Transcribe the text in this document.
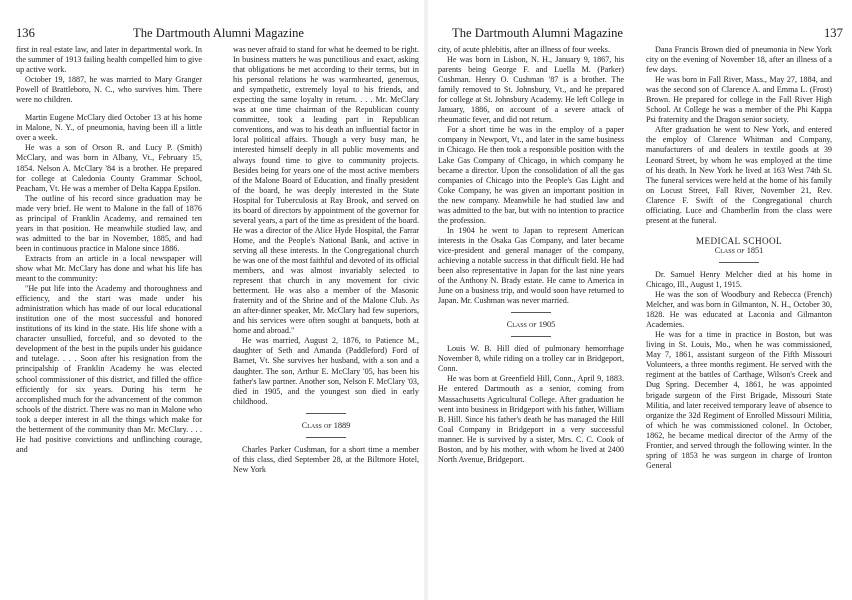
136	The Dartmouth Alumni Magazine

first in real estate law, and later in departmental work. In the summer of 1913 failing health compelled him to give up active work.

October 19, 1887, he was married to Mary Granger Powell of Brattleboro, N. C., who survives him. There were no children.

Martin Eugene McClary died October 13 at his home in Malone, N. Y., of pneumonia, having been ill a little over a week.

He was a son of Orson R. and Lucy P. (Smith) McClary, and was born in Albany, Vt., February 15, 1854. Nelson A. McClary '84 is a brother. He prepared for college at Caledonia County Grammar School, Peacham, Vt. He was a member of Delta Kappa Epsilon.

The outline of his record since graduation may be made very brief. He went to Malone in the fall of 1876 as principal of Franklin Academy, and remained ten years in that position. He meanwhile studied law, and was admitted to the bar in November, 1885, and had been in continuous practice in Malone since 1886.

Extracts from an article in a local newspaper will show what Mr. McClary has done and what his life has meant to the community:

"He put life into the Academy and thoroughness and efficiency, and the start was made under his administration which has made of our local educational institution one of the most successful and honored institutions of its kind in the state. His life shone with a character unsullied, forceful, and so devoted to the development of the best in the pupils under his guidance and tutelage. . . . Soon after his resignation from the principalship of Franklin Academy he was elected school commissioner of this district, and filled the office efficiently for six years. During his term he accomplished much for the advancement of the common schools of the district. There was no man in Malone who took a deeper interest in all the things which make for the betterment of the community than Mr. McClary. . . . He had positive convictions and unflinching courage, and

was never afraid to stand for what he deemed to be right. In business matters he was punctilious and exact, asking that obligations be met according to their terms, but in his personal relations he was warmhearted, generous, and sympathetic, extremely loyal to his friends, and expecting the same loyalty in return. . . . Mr. McClary was at one time chairman of the Republican county committee, took a leading part in Republican conventions, and was to his death an influential factor in local political affairs. Though a very busy man, he interested himself deeply in all public movements and always found time to give to community projects. Besides being for years one of the most active members of the Malone Board of Education, and finally president of the board, he was deeply interested in the State Hospital for Tuberculosis at Ray Brook, and served on its board of directors by appointment of the governor for several years, a part of the time as president of the board. He was a director of the Alice Hyde Hospital, the Farrar Home, and the People's National Bank, and active in serving all these interests. In the Congregational church he was one of the most faithful and devoted of its official members, and was almost invariably selected to represent that church in any movement for civic betterment. He was also a member of the Masonic fraternity and of the Shrine and of the Malone Club. As an after-dinner speaker, Mr. McClary had few superiors, and his services were often sought at banquets, both at home and abroad."

He was married, August 2, 1876, to Patience M., daughter of Seth and Amanda (Paddleford) Ford of Barnet, Vt. She survives her husband, with a son and a daughter. The son, Arthur E. McClary '05, has been his father's law partner. Another son, Nelson F. McClary '03, died in 1905, and the youngest son died in early childhood.

Class of 1889

Charles Parker Cushman, for a short time a member of this class, died September 28, at the Biltmore Hotel, New York

The Dartmouth Alumni Magazine	137

city, of acute phlebitis, after an illness of four weeks.

He was born in Lisbon, N. H., January 9, 1867, his parents being George F. and Luella M. (Parker) Cushman. Henry O. Cushman '87 is a brother. The family removed to St. Johnsbury, Vt., and he prepared for college at St. Johnsbury Academy. He left College in January, 1886, on account of a severe attack of rheumatic fever, and did not return.

For a short time he was in the employ of a paper company in Newport, Vt., and later in the same business in Chicago. He then took a responsible position with the Lake Gas Company of Chicago, in which company he became a director. Upon the consolidation of all the gas companies of Chicago into the People's Gas Light and Coke Company, he was given an important position in the new company. Meanwhile he had studied law and was admitted to the bar, but with no intention to practice the profession.

In 1904 he went to Japan to represent American interests in the Osaka Gas Company, and later became vice-president and general manager of the company, achieving a notable success in that difficult field. He had been also representative in Japan for the last nine years of the Anthony N. Brady estate. He came to America in June on a business trip, and would soon have returned to Japan. Mr. Cushman was never married.

Class of 1905

Louis W. B. Hill died of pulmonary hemorrhage November 8, while riding on a trolley car in Bridgeport, Conn.

He was born at Greenfield Hill, Conn., April 9, 1883. He entered Dartmouth as a senior, coming from Massachusetts Agricultural College. After graduation he went into business in Bridgeport with his father, William B. Hill. Since his father's death he has managed the Hill Coal Company in Bridgeport in a very successful manner. He is survived by a sister, Mrs. C. C. Cook of Boston, and by his mother, with whom he lived at 2400 North Avenue, Bridgeport.

Dana Francis Brown died of pneumonia in New York city on the evening of November 18, after an illness of a few days.

He was born in Fall River, Mass., May 27, 1884, and was the second son of Clarence A. and Emma L. (Frost) Brown. He prepared for college in the Fall River High School. At College he was a member of the Phi Kappa Psi fraternity and the Dragon senior society.

After graduation he went to New York, and entered the employ of Clarence Whitman and Company, manufacturers of and dealers in textile goods at 39 Leonard Street, by whom he was employed at the time of his death. In New York he lived at 163 West 74th St. The funeral services were held at the home of his family on Locust Street, Fall River, November 21, Rev. Clarence F. Swift of the Congregational church officiating. Luce and Chamberlin from the class were present at the funeral.

MEDICAL SCHOOL

Class of 1851

Dr. Samuel Henry Melcher died at his home in Chicago, Ill., August 1, 1915.

He was the son of Woodbury and Rebecca (French) Melcher, and was born in Gilmanton, N. H., October 30, 1828. He was educated at Laconia and Gilmanton Academies.

He was for a time in practice in Boston, but was living in St. Louis, Mo., when he was commissioned, May 7, 1861, assistant surgeon of the Fifth Missouri Volunteers, a three months regiment. He served with the regiment at the battles of Carthage, Wilson's Creek and Dug Spring. December 4, 1861, he was appointed brigade surgeon of the First Brigade, Missouri State Militia, and later received temporary leave of absence to organize the 32d Regiment of Enrolled Missouri Militia, of which he was commissioned colonel. In October, 1862, he became medical director of the Army of the Frontier, and served through the following winter. In the spring of 1853 he was surgeon in charge of Ironton General
